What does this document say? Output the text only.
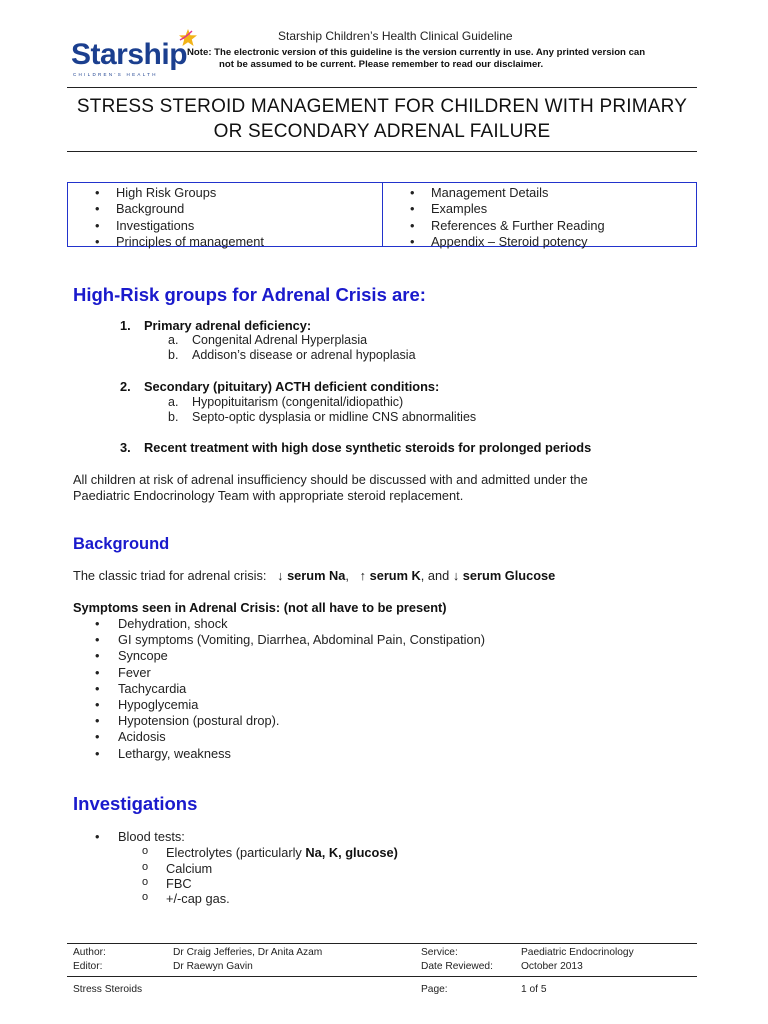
Starship Children’s Health Clinical Guideline
Starship
CHILDREN’S HEALTH
Note: The electronic version of this guideline is the version currently in use. Any printed version can
not be assumed to be current. Please remember to read our disclaimer.
STRESS STEROID MANAGEMENT FOR CHILDREN WITH PRIMARY
OR SECONDARY ADRENAL FAILURE
• High Risk Groups
• Background
• Investigations
• Principles of management
• Management Details
• Examples
• References & Further Reading
• Appendix – Steroid potency
High-Risk groups for Adrenal Crisis are:
1. Primary adrenal deficiency:
a. Congenital Adrenal Hyperplasia
b. Addison’s disease or adrenal hypoplasia
2. Secondary (pituitary) ACTH deficient conditions:
a. Hypopituitarism (congenital/idiopathic)
b. Septo-optic dysplasia or midline CNS abnormalities
3. Recent treatment with high dose synthetic steroids for prolonged periods
All children at risk of adrenal insufficiency should be discussed with and admitted under the
Paediatric Endocrinology Team with appropriate steroid replacement.
Background
The classic triad for adrenal crisis:   ↓ serum Na,   ↑ serum K, and ↓ serum Glucose
Symptoms seen in Adrenal Crisis: (not all have to be present)
• Dehydration, shock
• GI symptoms (Vomiting, Diarrhea, Abdominal Pain, Constipation)
• Syncope
• Fever
• Tachycardia
• Hypoglycemia
• Hypotension (postural drop).
• Acidosis
• Lethargy, weakness
Investigations
• Blood tests:
o Electrolytes (particularly Na, K, glucose)
o Calcium
o FBC
o +/-cap gas.
Author:	Dr Craig Jefferies, Dr Anita Azam	Service:	Paediatric Endocrinology
Editor:	Dr Raewyn Gavin	Date Reviewed:	October 2013
Stress Steroids	Page:	1 of 5
